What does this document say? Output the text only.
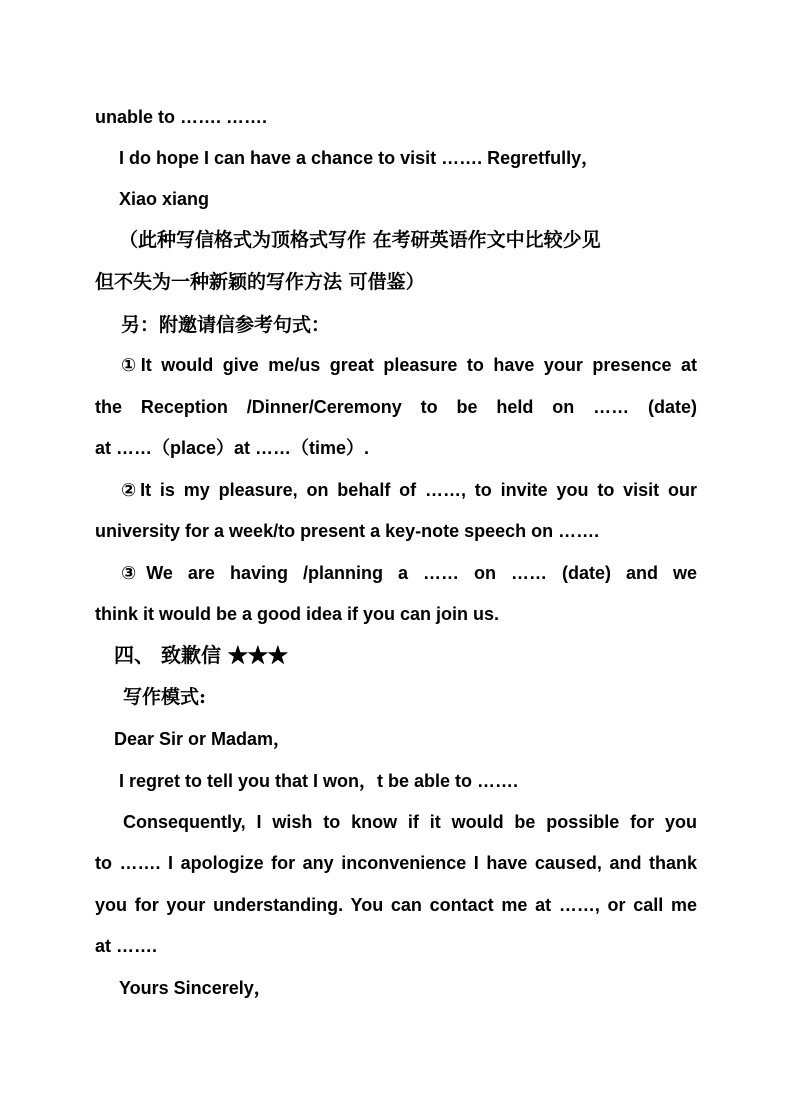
unable to ……. …….
I do hope I can have a chance to visit ……. Regretfully，
Xiao xiang
（此种写信格式为顶格式写作 在考研英语作文中比较少见
但不失为一种新颖的写作方法 可借鉴）
另：附邀请信参考句式：
①It would give me/us great pleasure to have your presence at
the Reception /Dinner/Ceremony to be held on …… (date)
at ……（place）at ……（time）.
②It is my pleasure, on behalf of ……, to invite you to visit our
university for a week/to present a key-note speech on …….
③We are having /planning a …… on …… (date) and we
think it would be a good idea if you can join us.
四、 致歉信 ★★★
写作模式:
Dear Sir or Madam，
I regret to tell you that I won，t be able to …….
Consequently, I wish to know if it would be possible for you
to ……. I apologize for any inconvenience I have caused, and thank
you for your understanding. You can contact me at ……, or call me
at …….
Yours Sincerely，
